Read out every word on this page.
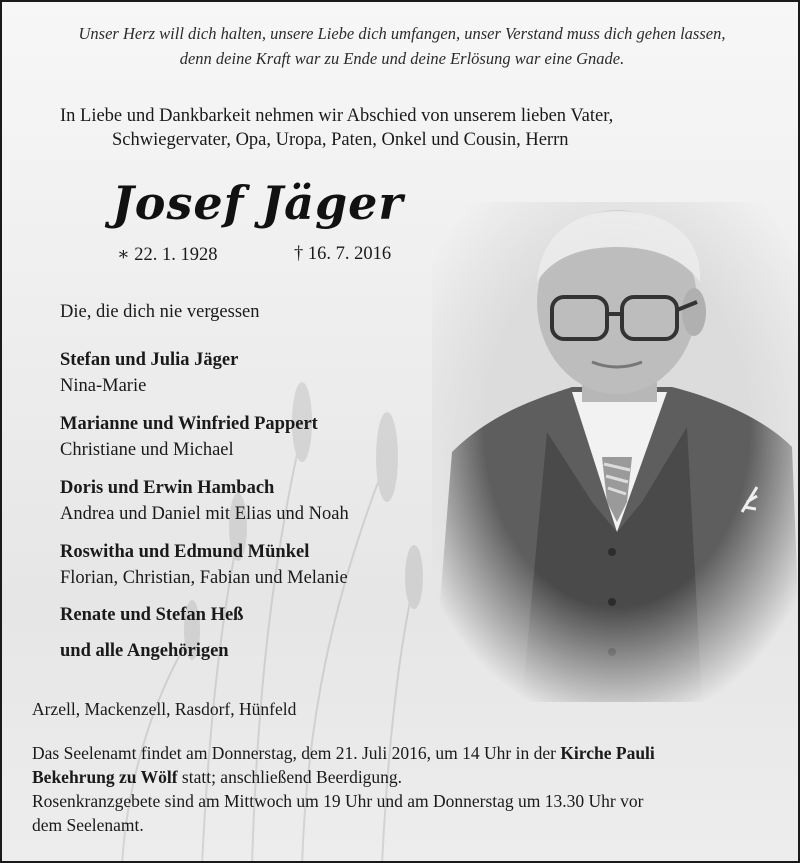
Unser Herz will dich halten, unsere Liebe dich umfangen, unser Verstand muss dich gehen lassen,
denn deine Kraft war zu Ende und deine Erlösung war eine Gnade.
In Liebe und Dankbarkeit nehmen wir Abschied von unserem lieben Vater,
Schwiegervater, Opa, Uropa, Paten, Onkel und Cousin, Herrn
Josef Jäger
∗ 22. 1. 1928	† 16. 7. 2016
Die, die dich nie vergessen
Stefan und Julia Jäger
Nina-Marie
Marianne und Winfried Pappert
Christiane und Michael
Doris und Erwin Hambach
Andrea und Daniel mit Elias und Noah
Roswitha und Edmund Münkel
Florian, Christian, Fabian und Melanie
Renate und Stefan Heß
und alle Angehörigen
Arzell, Mackenzell, Rasdorf, Hünfeld
Das Seelenamt findet am Donnerstag, dem 21. Juli 2016, um 14 Uhr in der Kirche Pauli
Bekehrung zu Wölf statt; anschließend Beerdigung.
Rosenkranzgebete sind am Mittwoch um 19 Uhr und am Donnerstag um 13.30 Uhr vor
dem Seelenamt.
